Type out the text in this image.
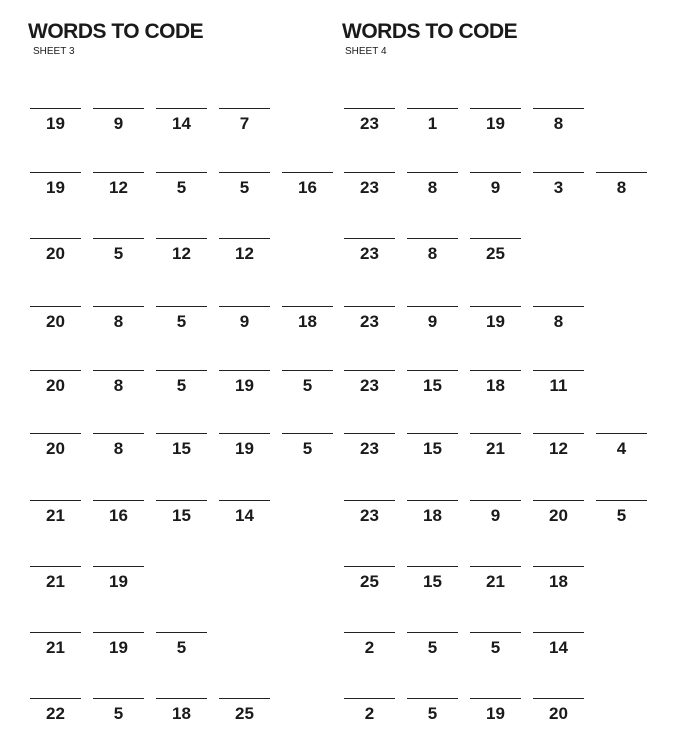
WORDS TO CODE
SHEET 3
19	9	14	7
19	12	5	5	16
20	5	12	12
20	8	5	9	18
20	8	5	19	5
20	8	15	19	5
21	16	15	14
21	19
21	19	5
22	5	18	25
WORDS TO CODE
SHEET 4
23	1	19	8
23	8	9	3	8
23	8	25
23	9	19	8
23	15	18	11
23	15	21	12	4
23	18	9	20	5
25	15	21	18
2	5	5	14
2	5	19	20
